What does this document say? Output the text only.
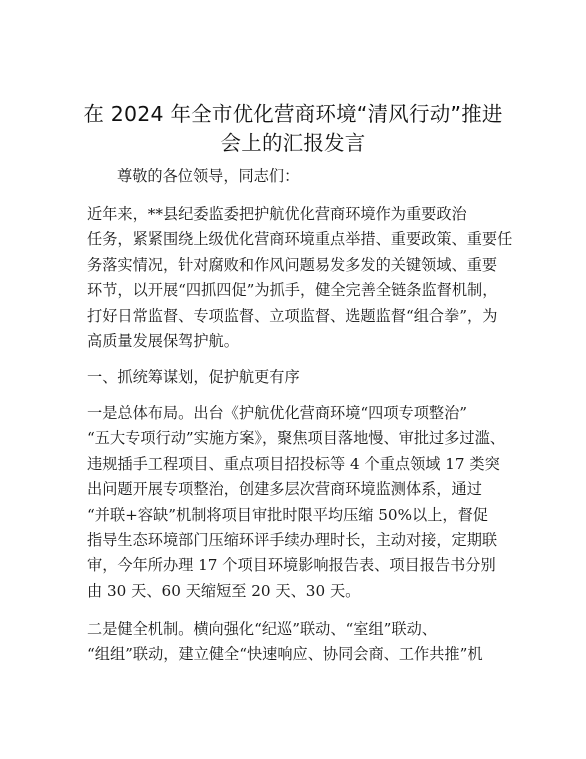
在 2024 年全市优化营商环境“清风行动”推进
会上的汇报发言
尊敬的各位领导，同志们：
近年来，**县纪委监委把护航优化营商环境作为重要政治
任务，紧紧围绕上级优化营商环境重点举措、重要政策、重要任
务落实情况，针对腐败和作风问题易发多发的关键领域、重要
环节，以开展“四抓四促”为抓手，健全完善全链条监督机制，
打好日常监督、专项监督、立项监督、选题监督“组合拳”，为
高质量发展保驾护航。
一、抓统筹谋划，促护航更有序
一是总体布局。出台《护航优化营商环境“四项专项整治”
“五大专项行动”实施方案》，聚焦项目落地慢、审批过多过滥、
违规插手工程项目、重点项目招投标等 4 个重点领域 17 类突
出问题开展专项整治，创建多层次营商环境监测体系，通过
“并联+容缺”机制将项目审批时限平均压缩 50%以上，督促
指导生态环境部门压缩环评手续办理时长，主动对接，定期联
审，今年所办理 17 个项目环境影响报告表、项目报告书分别
由 30 天、60 天缩短至 20 天、30 天。
二是健全机制。横向强化“纪巡”联动、“室组”联动、
“组组”联动，建立健全“快速响应、协同会商、工作共推”机
